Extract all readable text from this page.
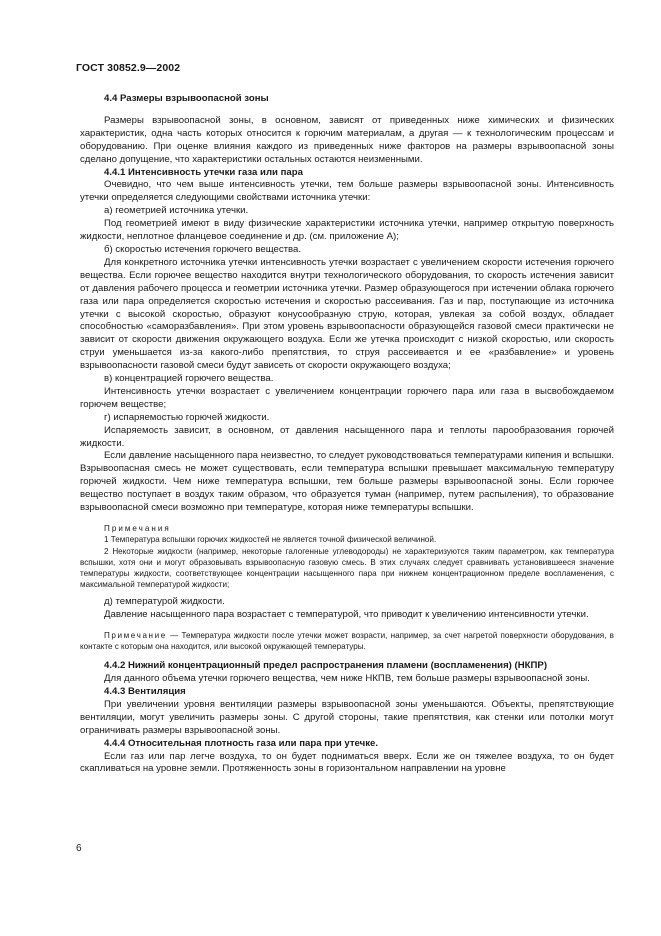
ГОСТ 30852.9—2002

4.4 Размеры взрывоопасной зоны

Размеры взрывоопасной зоны, в основном, зависят от приведенных ниже химических и физических характеристик, одна часть которых относится к горючим материалам, а другая — к технологическим процессам и оборудованию. При оценке влияния каждого из приведенных ниже факторов на размеры взрывоопасной зоны сделано допущение, что характеристики остальных остаются неизменными.

4.4.1 Интенсивность утечки газа или пара

Очевидно, что чем выше интенсивность утечки, тем больше размеры взрывоопасной зоны. Интенсивность утечки определяется следующими свойствами источника утечки:

а) геометрией источника утечки.

Под геометрией имеют в виду физические характеристики источника утечки, например открытую поверхность жидкости, неплотное фланцевое соединение и др. (см. приложение А);

б) скоростью истечения горючего вещества.

Для конкретного источника утечки интенсивность утечки возрастает с увеличением скорости истечения горючего вещества. Если горючее вещество находится внутри технологического оборудования, то скорость истечения зависит от давления рабочего процесса и геометрии источника утечки. Размер образующегося при истечении облака горючего газа или пара определяется скоростью истечения и скоростью рассеивания. Газ и пар, поступающие из источника утечки с высокой скоростью, образуют конусообразную струю, которая, увлекая за собой воздух, обладает способностью «саморазбавления». При этом уровень взрывоопасности образующейся газовой смеси практически не зависит от скорости движения окружающего воздуха. Если же утечка происходит с низкой скоростью, или скорость струи уменьшается из-за какого-либо препятствия, то струя рассеивается и ее «разбавление» и уровень взрывоопасности газовой смеси будут зависеть от скорости окружающего воздуха;

в) концентрацией горючего вещества.

Интенсивность утечки возрастает с увеличением концентрации горючего пара или газа в высвобождаемом горючем веществе;

г) испаряемостью горючей жидкости.

Испаряемость зависит, в основном, от давления насыщенного пара и теплоты парообразования горючей жидкости.

Если давление насыщенного пара неизвестно, то следует руководствоваться температурами кипения и вспышки. Взрывоопасная смесь не может существовать, если температура вспышки превышает максимальную температуру горючей жидкости. Чем ниже температура вспышки, тем больше размеры взрывоопасной зоны. Если горючее вещество поступает в воздух таким образом, что образуется туман (например, путем распыления), то образование взрывоопасной смеси возможно при температуре, которая ниже температуры вспышки.

Примечания

1 Температура вспышки горючих жидкостей не является точной физической величиной.

2 Некоторые жидкости (например, некоторые галогенные углеводороды) не характеризуются таким параметром, как температура вспышки, хотя они и могут образовывать взрывоопасную газовую смесь. В этих случаях следует сравнивать установившееся значение температуры жидкости, соответствующее концентрации насыщенного пара при нижнем концентрационном пределе воспламенения, с максимальной температурой жидкости;

д) температурой жидкости.

Давление насыщенного пара возрастает с температурой, что приводит к увеличению интенсивности утечки.

Примечание — Температура жидкости после утечки может возрасти, например, за счет нагретой поверхности оборудования, в контакте с которым она находится, или высокой окружающей температуры.

4.4.2 Нижний концентрационный предел распространения пламени (воспламенения) (НКПР)

Для данного объема утечки горючего вещества, чем ниже НКПВ, тем больше размеры взрывоопасной зоны.

4.4.3 Вентиляция

При увеличении уровня вентиляции размеры взрывоопасной зоны уменьшаются. Объекты, препятствующие вентиляции, могут увеличить размеры зоны. С другой стороны, такие препятствия, как стенки или потолки могут ограничивать размеры взрывоопасной зоны.

4.4.4 Относительная плотность газа или пара при утечке.

Если газ или пар легче воздуха, то он будет подниматься вверх. Если же он тяжелее воздуха, то он будет скапливаться на уровне земли. Протяженность зоны в горизонтальном направлении на уровне

6
